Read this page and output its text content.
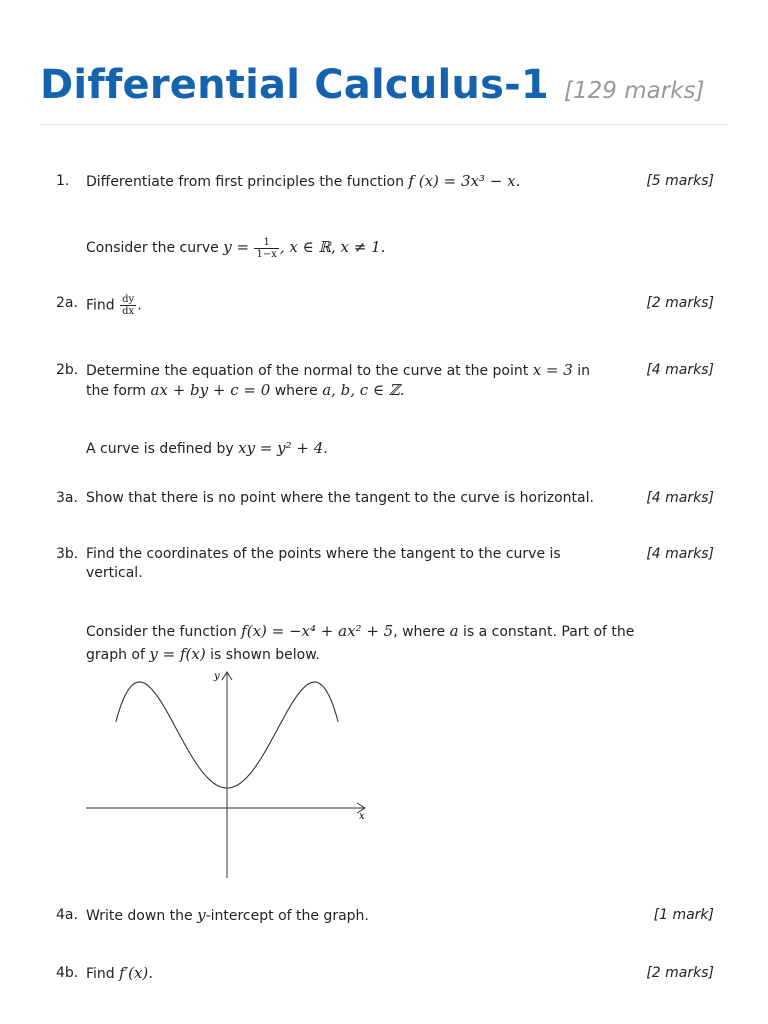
Differential Calculus-1 [129 marks]
1. Differentiate from first principles the function f (x) = 3x³ − x.	[5 marks]
Consider the curve $y = \frac{1}{1-x}$ , x ∈ ℝ, x ≠ 1.
2a. Find $\frac{dy}{dx}$ .	[2 marks]
2b. Determine the equation of the normal to the curve at the point x = 3 in
the form ax + by + c = 0 where a, b, c ∈ ℤ.
[4 marks]
A curve is defined by xy = y² + 4.
3a. Show that there is no point where the tangent to the curve is horizontal.	[4 marks]
3b. Find the coordinates of the points where the tangent to the curve is vertical.
[4 marks]
Consider the function f(x) = −x⁴ + ax² + 5, where a is a constant. Part of the
graph of y = f(x) is shown below.
y
x
4a. Write down the y-intercept of the graph.	[1 mark]
4b. Find f′(x).	[2 marks]
